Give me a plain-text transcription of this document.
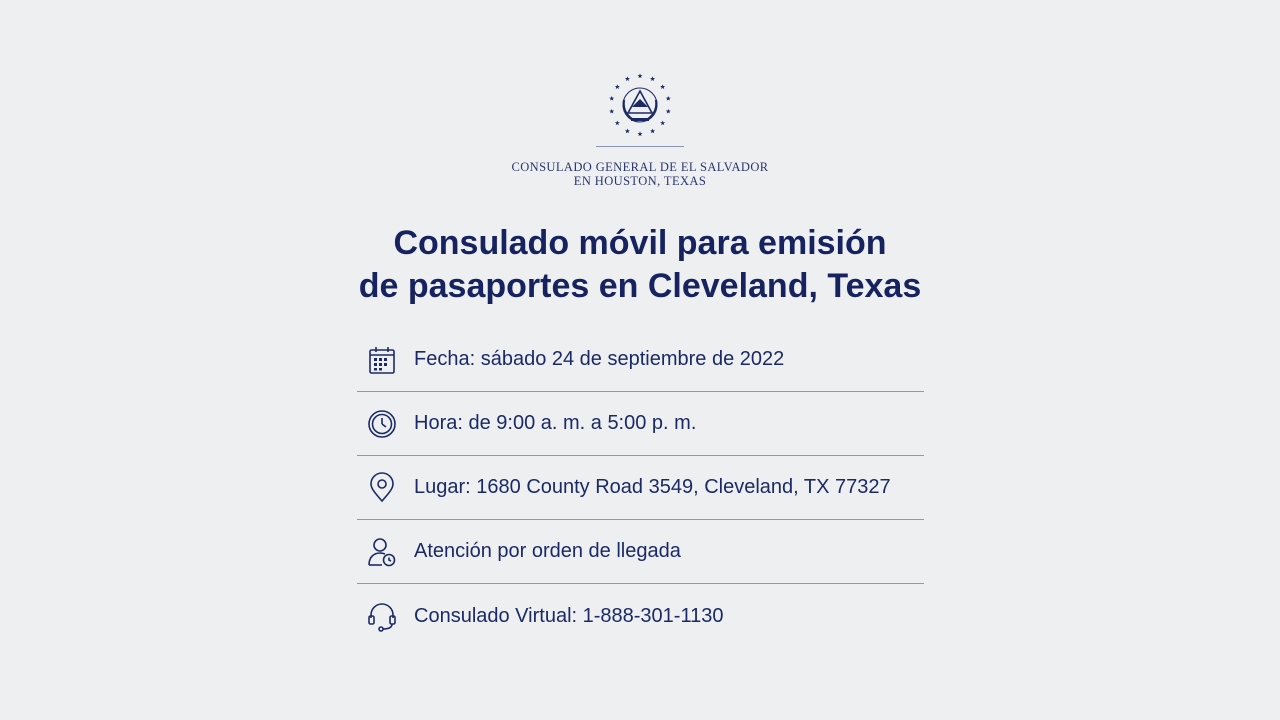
CONSULADO GENERAL DE EL SALVADOR
EN HOUSTON, TEXAS
Consulado móvil para emisión
de pasaportes en Cleveland, Texas
Fecha: sábado 24 de septiembre de 2022
Hora: de 9:00 a. m. a 5:00 p. m.
Lugar: 1680 County Road 3549, Cleveland, TX 77327
Atención por orden de llegada
Consulado Virtual: 1-888-301-1130
